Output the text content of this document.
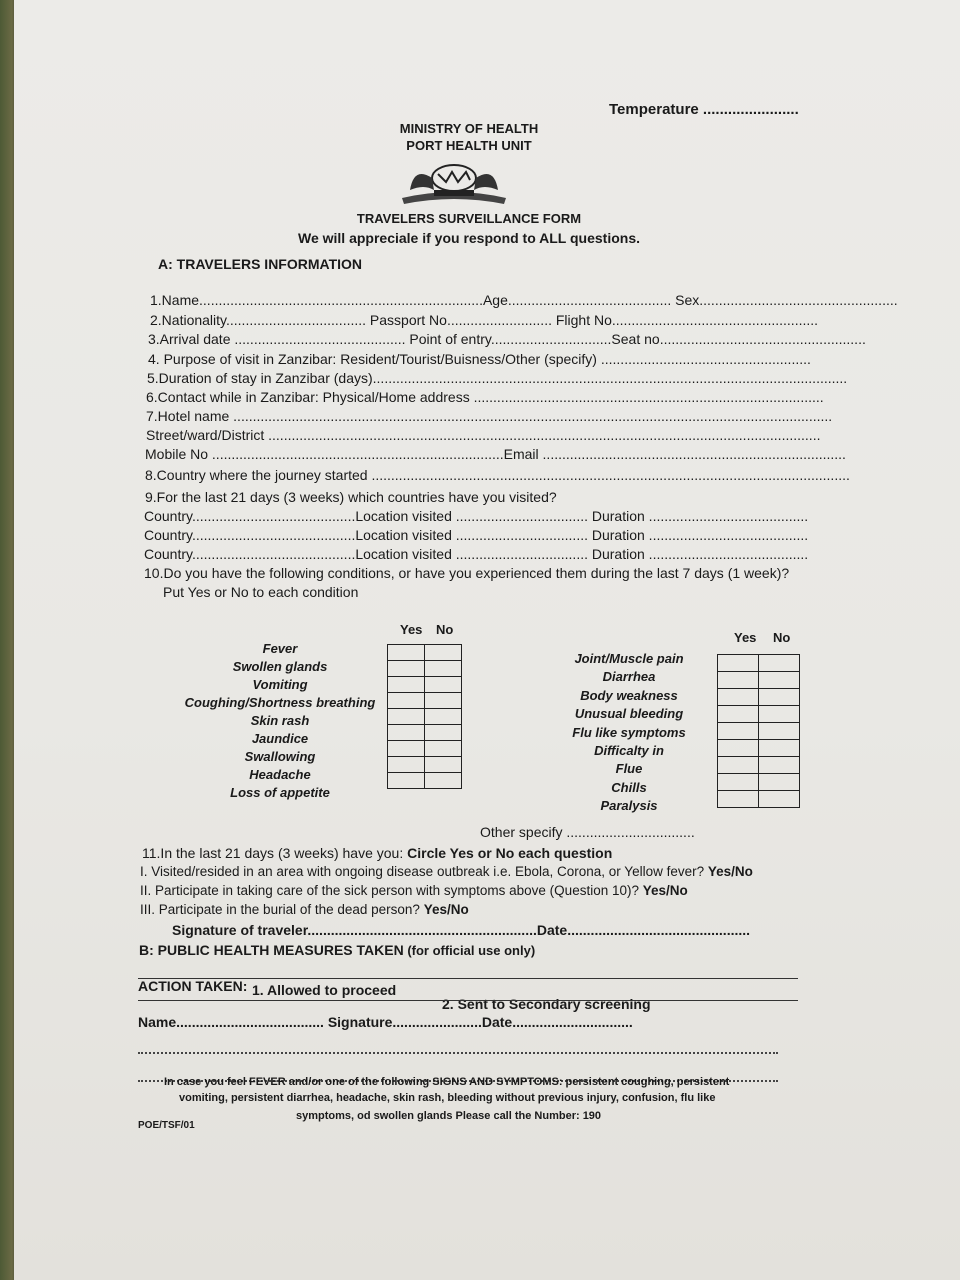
Temperature .......................
MINISTRY OF HEALTH
PORT HEALTH UNIT
TRAVELERS SURVEILLANCE FORM
We will appreciale if you respond to ALL questions.
A: TRAVELERS INFORMATION
1.Name.........................................................................Age.......................................... Sex...................................................
2.Nationality.................................... Passport No........................... Flight No.....................................................
3.Arrival date ............................................ Point of entry...............................Seat no.....................................................
4. Purpose of visit in Zanzibar: Resident/Tourist/Buisness/Other (specify) ......................................................
5.Duration of stay in Zanzibar (days)..........................................................................................................................
6.Contact while in Zanzibar: Physical/Home address ..........................................................................................
7.Hotel name ..........................................................................................................................................................
Street/ward/District ..............................................................................................................................................
Mobile No ...........................................................................Email ..............................................................................
8.Country where the journey started ...........................................................................................................................
9.For the last 21 days (3 weeks) which countries have you visited?
Country..........................................Location visited .................................. Duration .........................................
Country..........................................Location visited .................................. Duration .........................................
Country..........................................Location visited .................................. Duration .........................................
10.Do you have the following conditions, or have you experienced them during the last 7 days (1 week)?
Put Yes or No to each condition
Yes No
Fever
Swollen glands
Vomiting
Coughing/Shortness breathing
Skin rash
Jaundice
Swallowing
Headache
Loss of appetite

Yes No
Joint/Muscle pain
Diarrhea
Body weakness
Unusual bleeding
Flu like symptoms
Difficalty in
Flue
Chills
Paralysis

Other specify .................................
11.In the last 21 days (3 weeks) have you: Circle Yes or No each question
I. Visited/resided in an area with ongoing disease outbreak i.e. Ebola, Corona, or Yellow fever? Yes/No
II. Participate in taking care of the sick person with symptoms above (Question 10)? Yes/No
III. Participate in the burial of the dead person? Yes/No
Signature of traveler...........................................................Date...............................................
B: PUBLIC HEALTH MEASURES TAKEN (for official use only)
ACTION TAKEN: 1. Allowed to proceed
2. Sent to Secondary screening
Name...................................... Signature.......................Date...............................
In case you feel FEVER and/or one of the following SIGNS AND SYMPTOMS: persistent coughing, persistent
vomiting, persistent diarrhea, headache, skin rash, bleeding without previous injury, confusion, flu like
symptoms, od swollen glands Please call the Number: 190
POE/TSF/01
